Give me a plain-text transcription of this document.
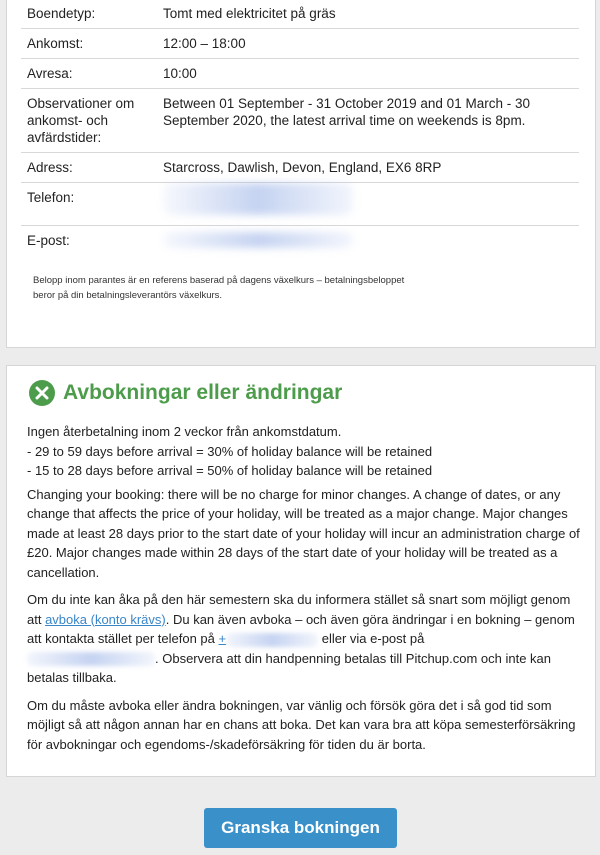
Boendetyp:	Tomt med elektricitet på gräs
Ankomst:	12:00 – 18:00
Avresa:	10:00
Observationer om ankomst- och avfärdstider:	Between 01 September - 31 October 2019 and 01 March - 30 September 2020, the latest arrival time on weekends is 8pm.
Adress:	Starcross, Dawlish, Devon, England, EX6 8RP
Telefon:	
E-post:	
Belopp inom parantes är en referens baserad på dagens växelkurs – betalningsbeloppet beror på din betalningsleverantörs växelkurs.
Avbokningar eller ändringar

Ingen återbetalning inom 2 veckor från ankomstdatum.
- 29 to 59 days before arrival = 30% of holiday balance will be retained
- 15 to 28 days before arrival = 50% of holiday balance will be retained

Changing your booking: there will be no charge for minor changes. A change of dates, or any change that affects the price of your holiday, will be treated as a major change. Major changes made at least 28 days prior to the start date of your holiday will incur an administration charge of £20. Major changes made within 28 days of the start date of your holiday will be treated as a cancellation.

Om du inte kan åka på den här semestern ska du informera stället så snart som möjligt genom att avboka (konto krävs). Du kan även avboka – och även göra ändringar i en bokning – genom att kontakta stället per telefon på +	eller via e-post på
. Observera att din handpenning betalas till Pitchup.com och inte kan betalas tillbaka.

Om du måste avboka eller ändra bokningen, var vänlig och försök göra det i så god tid som möjligt så att någon annan har en chans att boka. Det kan vara bra att köpa semesterförsäkring för avbokningar och egendoms-/skadeförsäkring för tiden du är borta.

Granska bokningen
